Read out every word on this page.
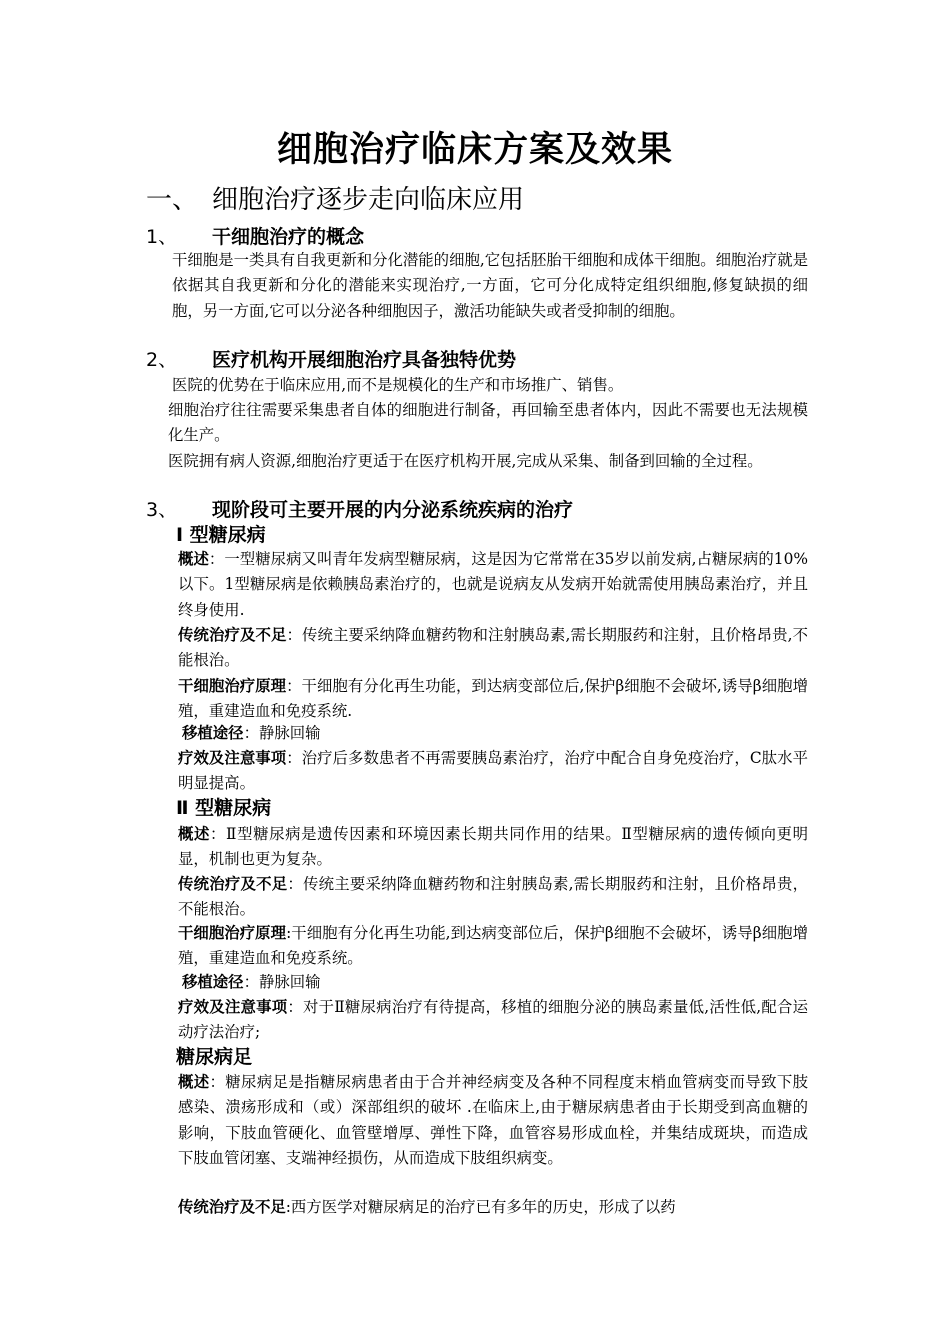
细胞治疗临床方案及效果
一、 细胞治疗逐步走向临床应用
1、 干细胞治疗的概念
干细胞是一类具有自我更新和分化潜能的细胞,它包括胚胎干细胞和成体干细胞。细胞治疗就是依据其自我更新和分化的潜能来实现治疗,一方面，它可分化成特定组织细胞,修复缺损的细胞，另一方面,它可以分泌各种细胞因子，激活功能缺失或者受抑制的细胞。
2、 医疗机构开展细胞治疗具备独特优势
医院的优势在于临床应用,而不是规模化的生产和市场推广、销售。
细胞治疗往往需要采集患者自体的细胞进行制备，再回输至患者体内，因此不需要也无法规模化生产。
医院拥有病人资源,细胞治疗更适于在医疗机构开展,完成从采集、制备到回输的全过程。
3、 现阶段可主要开展的内分泌系统疾病的治疗
Ⅰ 型糖尿病
概述：一型糖尿病又叫青年发病型糖尿病，这是因为它常常在35岁以前发病,占糖尿病的10%以下。1型糖尿病是依赖胰岛素治疗的，也就是说病友从发病开始就需使用胰岛素治疗，并且终身使用.
传统治疗及不足：传统主要采纳降血糖药物和注射胰岛素,需长期服药和注射，且价格昂贵,不能根治。
干细胞治疗原理：干细胞有分化再生功能，到达病变部位后,保护β细胞不会破坏,诱导β细胞增殖，重建造血和免疫系统.
移植途径：静脉回输
疗效及注意事项：治疗后多数患者不再需要胰岛素治疗，治疗中配合自身免疫治疗，C肽水平明显提高。
Ⅱ 型糖尿病
概述：Ⅱ型糖尿病是遗传因素和环境因素长期共同作用的结果。Ⅱ型糖尿病的遗传倾向更明显，机制也更为复杂。
传统治疗及不足：传统主要采纳降血糖药物和注射胰岛素,需长期服药和注射，且价格昂贵，不能根治。
干细胞治疗原理:干细胞有分化再生功能,到达病变部位后，保护β细胞不会破坏，诱导β细胞增殖，重建造血和免疫系统。
移植途径：静脉回输
疗效及注意事项：对于Ⅱ糖尿病治疗有待提高，移植的细胞分泌的胰岛素量低,活性低,配合运动疗法治疗;
糖尿病足
概述：糖尿病足是指糖尿病患者由于合并神经病变及各种不同程度末梢血管病变而导致下肢感染、溃疡形成和（或）深部组织的破坏 .在临床上,由于糖尿病患者由于长期受到高血糖的影响，下肢血管硬化、血管壁增厚、弹性下降，血管容易形成血栓，并集结成斑块，而造成下肢血管闭塞、支端神经损伤，从而造成下肢组织病变。
传统治疗及不足:西方医学对糖尿病足的治疗已有多年的历史，形成了以药
